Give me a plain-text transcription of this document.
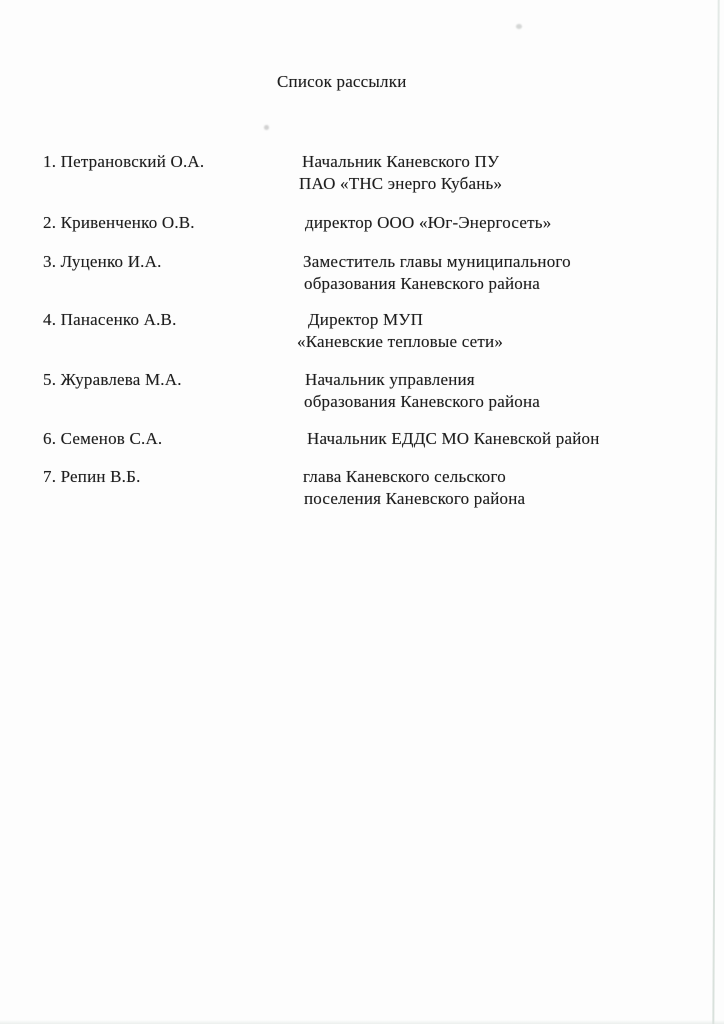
Список рассылки
1. Петрановский О.А.	Начальник Каневского ПУ
ПАО «ТНС энерго Кубань»
2. Кривенченко О.В.	директор ООО «Юг-Энергосеть»
3. Луценко И.А.	Заместитель главы муниципального
образования Каневского района
4. Панасенко А.В.	Директор МУП
«Каневские тепловые сети»
5. Журавлева М.А.	Начальник управления
образования Каневского района
6. Семенов С.А.	Начальник ЕДДС МО Каневской район
7. Репин В.Б.	глава Каневского сельского
поселения Каневского района
